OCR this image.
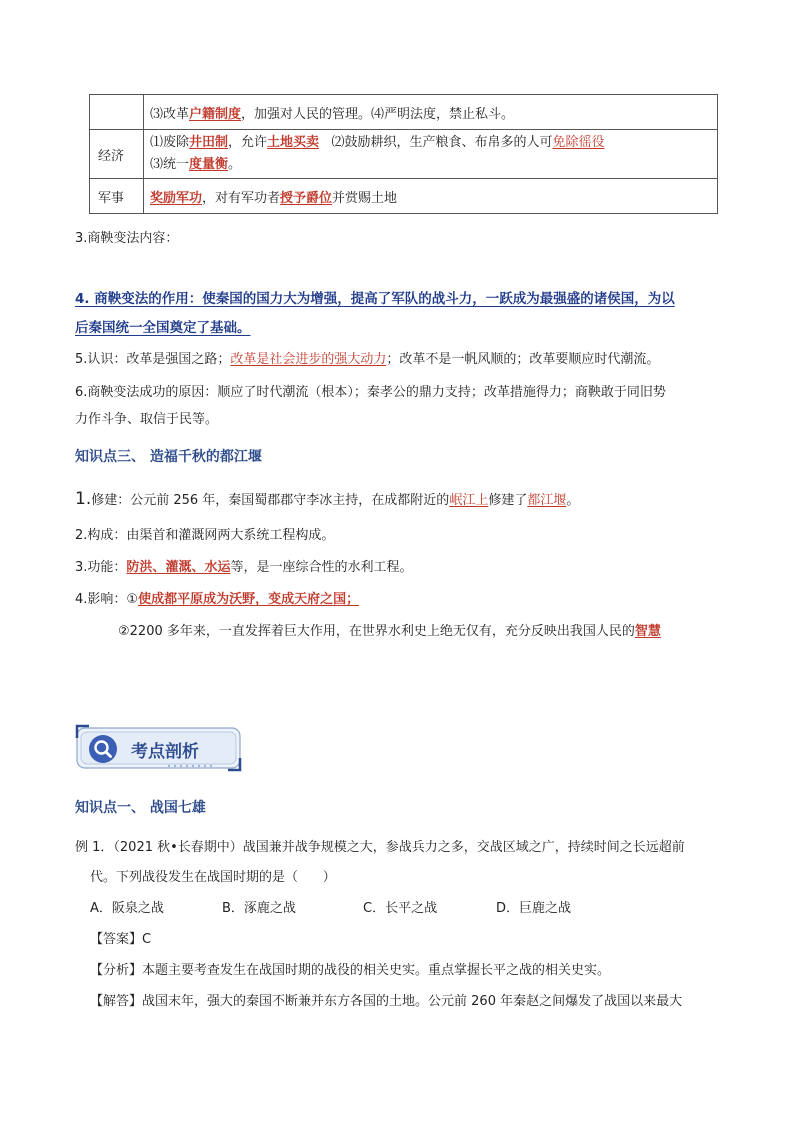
	⑶改革户籍制度，加强对人民的管理。⑷严明法度，禁止私斗。
经济	⑴废除井田制，允许土地买卖   ⑵鼓励耕织，生产粮食、布帛多的人可免除徭役
⑶统一度量衡。

军事	奖励军功，对有军功者授予爵位并赏赐土地
3.商鞅变法内容：
4. 商鞅变法的作用：使秦国的国力大为增强，提高了军队的战斗力，一跃成为最强盛的诸侯国，为以
后秦国统一全国奠定了基础。
5.认识：改革是强国之路；改革是社会进步的强大动力；改革不是一帆风顺的；改革要顺应时代潮流。
6.商鞅变法成功的原因：顺应了时代潮流（根本）；秦孝公的鼎力支持；改革措施得力；商鞅敢于同旧势
力作斗争、取信于民等。
知识点三、 造福千秋的都江堰
1.修建：公元前 256 年，秦国蜀郡郡守李冰主持，在成都附近的岷江上修建了都江堰。
2.构成：由渠首和灌溉网两大系统工程构成。
3.功能：防洪、灌溉、水运等，是一座综合性的水利工程。
4.影响：①使成都平原成为沃野，变成天府之国；
②2200 多年来，一直发挥着巨大作用，在世界水利史上绝无仅有，充分反映出我国人民的智慧
考点剖析
知识点一、 战国七雄
例 1．（2021 秋•长春期中）战国兼并战争规模之大，参战兵力之多，交战区域之广，持续时间之长远超前
代。下列战役发生在战国时期的是（      ）
A．阪泉之战	B．涿鹿之战	C．长平之战	D．巨鹿之战
【答案】C
【分析】本题主要考查发生在战国时期的战役的相关史实。重点掌握长平之战的相关史实。
【解答】战国末年，强大的秦国不断兼并东方各国的土地。公元前 260 年秦赵之间爆发了战国以来最大
